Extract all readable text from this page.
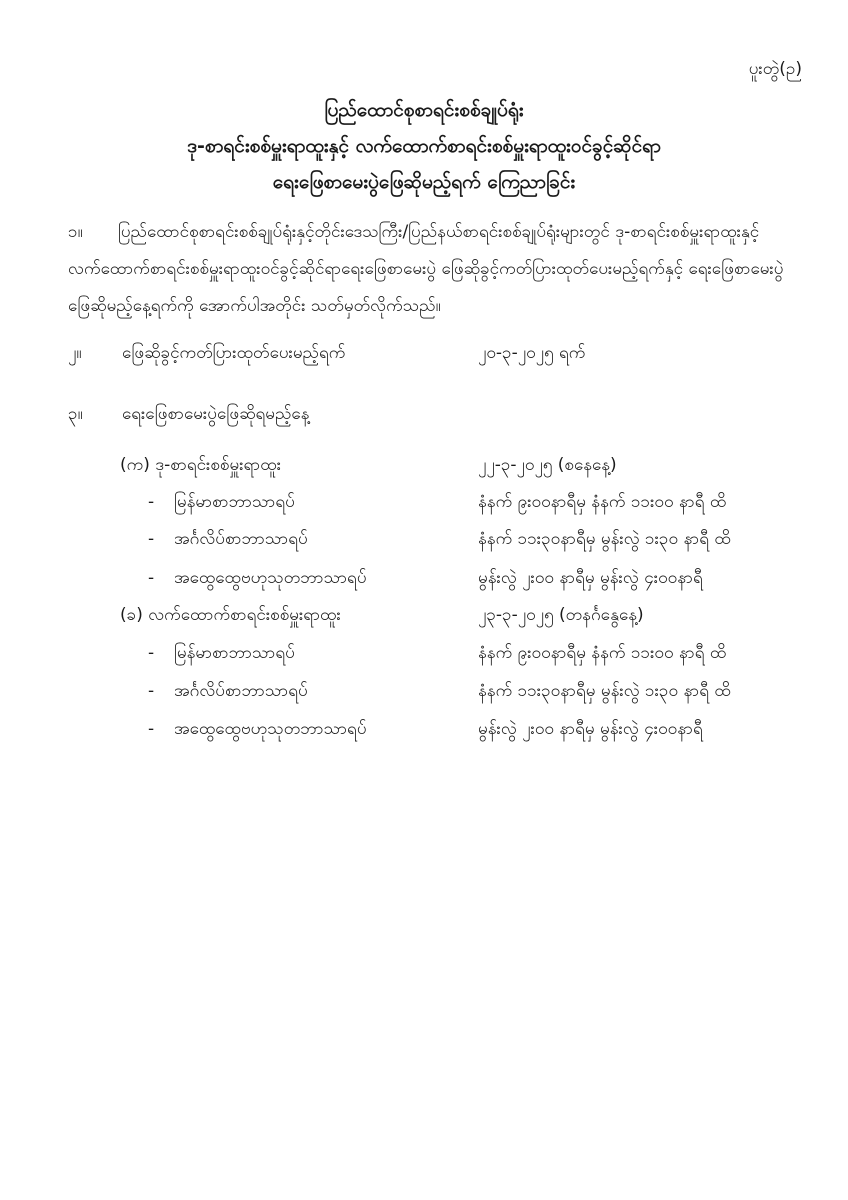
ပူးတွဲ(ဉ)
ပြည်ထောင်စုစာရင်းစစ်ချုပ်ရုံး
ဒု-စာရင်းစစ်မှူးရာထူးနှင့် လက်ထောက်စာရင်းစစ်မှူးရာထူးဝင်ခွင့်ဆိုင်ရာ
ရေးဖြေစာမေးပွဲဖြေဆိုမည့်ရက် ကြေညာခြင်း
၁။ ပြည်ထောင်စုစာရင်းစစ်ချုပ်ရုံးနှင့်တိုင်းဒေသကြီး/ပြည်နယ်စာရင်းစစ်ချုပ်ရုံးများတွင် ဒု-စာရင်းစစ်မှူးရာထူးနှင့် လက်ထောက်စာရင်းစစ်မှူးရာထူးဝင်ခွင့်ဆိုင်ရာရေးဖြေစာမေးပွဲ ဖြေဆိုခွင့်ကတ်ပြားထုတ်ပေးမည့်ရက်နှင့် ရေးဖြေစာမေးပွဲဖြေဆိုမည့်နေ့ရက်ကို အောက်ပါအတိုင်း သတ်မှတ်လိုက်သည်။
၂။ ဖြေဆိုခွင့်ကတ်ပြားထုတ်ပေးမည့်ရက်	၂၀-၃-၂၀၂၅ ရက်
၃။ ရေးဖြေစာမေးပွဲဖြေဆိုရမည့်နေ့
(က) ဒု-စာရင်းစစ်မှူးရာထူး	၂၂-၃-၂၀၂၅ (စနေနေ့)
- မြန်မာစာဘာသာရပ်	နံနက် ၉း၀၀နာရီမှ နံနက် ၁၁း၀၀ နာရီ ထိ
- အင်္ဂလိပ်စာဘာသာရပ်	နံနက် ၁၁း၃၀နာရီမှ မွန်းလွဲ ၁း၃၀ နာရီ ထိ
- အထွေထွေဗဟုသုတဘာသာရပ်	မွန်းလွဲ ၂း၀၀ နာရီမှ မွန်းလွဲ ၄း၀၀နာရီ
(ခ) လက်ထောက်စာရင်းစစ်မှူးရာထူး	၂၃-၃-၂၀၂၅ (တနင်္ဂနွေနေ့)
- မြန်မာစာဘာသာရပ်	နံနက် ၉း၀၀နာရီမှ နံနက် ၁၁း၀၀ နာရီ ထိ
- အင်္ဂလိပ်စာဘာသာရပ်	နံနက် ၁၁း၃၀နာရီမှ မွန်းလွဲ ၁း၃၀ နာရီ ထိ
- အထွေထွေဗဟုသုတဘာသာရပ်	မွန်းလွဲ ၂း၀၀ နာရီမှ မွန်းလွဲ ၄း၀၀နာရီ
